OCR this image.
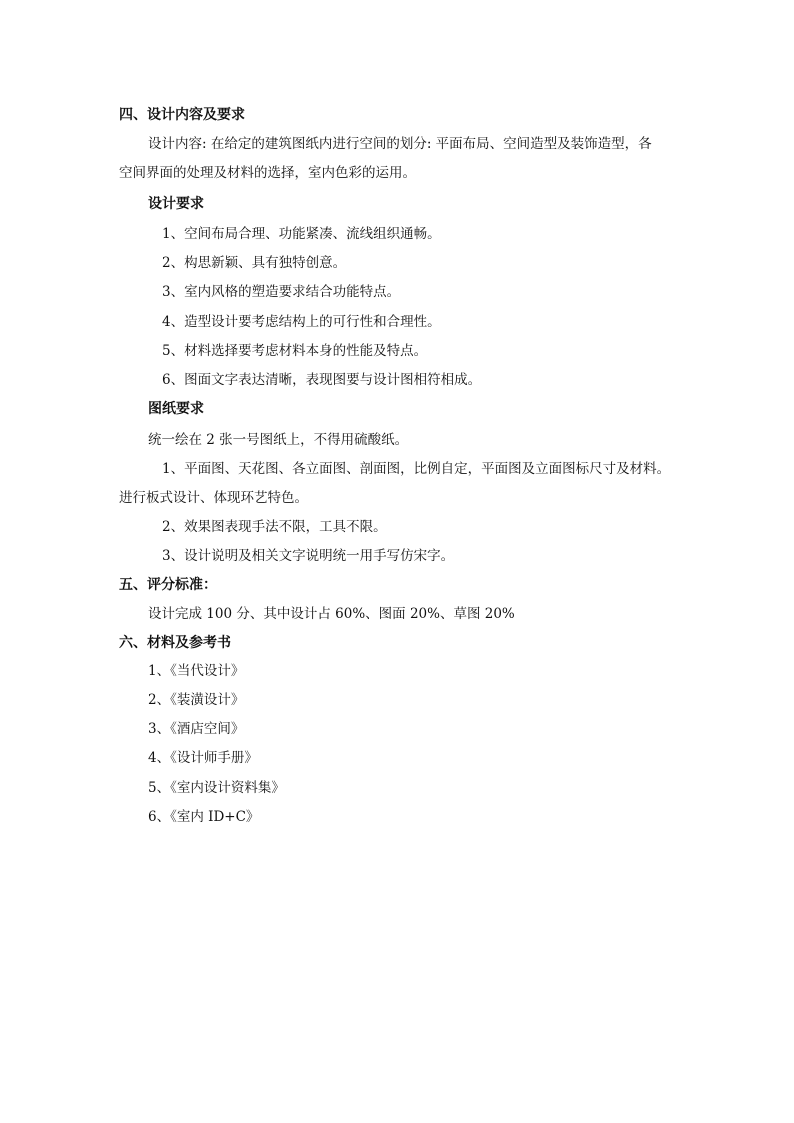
四、设计内容及要求
设计内容: 在给定的建筑图纸内进行空间的划分: 平面布局、空间造型及装饰造型，各
空间界面的处理及材料的选择，室内色彩的运用。
设计要求
1、空间布局合理、功能紧凑、流线组织通畅。
2、构思新颖、具有独特创意。
3、室内风格的塑造要求结合功能特点。
4、造型设计要考虑结构上的可行性和合理性。
5、材料选择要考虑材料本身的性能及特点。
6、图面文字表达清晰，表现图要与设计图相符相成。
图纸要求
统一绘在 2 张一号图纸上，不得用硫酸纸。
1、平面图、天花图、各立面图、剖面图，比例自定，平面图及立面图标尺寸及材料。
进行板式设计、体现环艺特色。
2、效果图表现手法不限，工具不限。
3、设计说明及相关文字说明统一用手写仿宋字。
五、评分标准：
设计完成 100 分、其中设计占 60%、图面 20%、草图 20%
六、材料及参考书
1、《当代设计》
2、《装潢设计》
3、《酒店空间》
4、《设计师手册》
5、《室内设计资料集》
6、《室内 ID+C》
